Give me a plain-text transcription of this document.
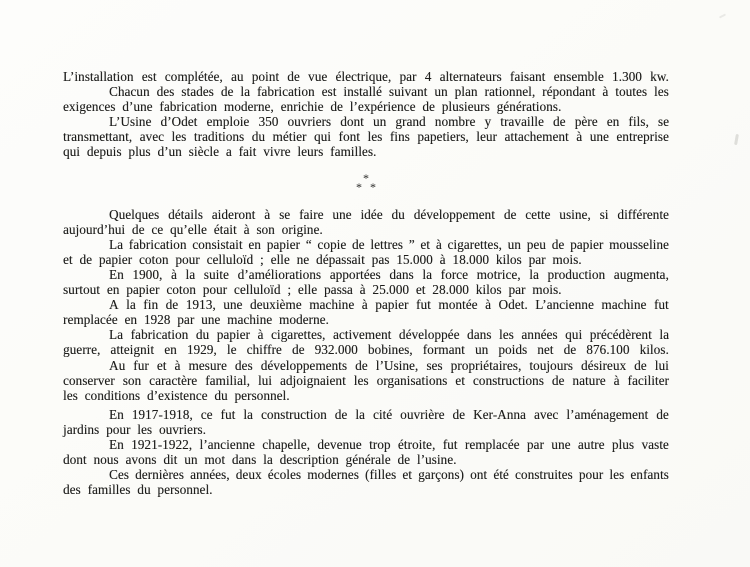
L’installation est complétée, au point de vue électrique, par 4 alternateurs faisant ensemble 1.300 kw.
Chacun des stades de la fabrication est installé suivant un plan rationnel, répondant à toutes les
exigences d’une fabrication moderne, enrichie de l’expérience de plusieurs générations.
L’Usine d’Odet emploie 350 ouvriers dont un grand nombre y travaille de père en fils, se
transmettant, avec les traditions du métier qui font les fins papetiers, leur attachement à une entreprise
qui depuis plus d’un siècle a fait vivre leurs familles.
*
* *
Quelques détails aideront à se faire une idée du développement de cette usine, si différente
aujourd’hui de ce qu’elle était à son origine.
La fabrication consistait en papier “ copie de lettres ” et à cigarettes, un peu de papier mousseline
et de papier coton pour celluloïd ; elle ne dépassait pas 15.000 à 18.000 kilos par mois.
En 1900, à la suite d’améliorations apportées dans la force motrice, la production augmenta,
surtout en papier coton pour celluloïd ; elle passa à 25.000 et 28.000 kilos par mois.
A la fin de 1913, une deuxième machine à papier fut montée à Odet. L’ancienne machine fut
remplacée en 1928 par une machine moderne.
La fabrication du papier à cigarettes, activement développée dans les années qui précédèrent la
guerre, atteignit en 1929, le chiffre de 932.000 bobines, formant un poids net de 876.100 kilos.
Au fur et à mesure des développements de l’Usine, ses propriétaires, toujours désireux de lui
conserver son caractère familial, lui adjoignaient les organisations et constructions de nature à faciliter
les conditions d’existence du personnel.
En 1917-1918, ce fut la construction de la cité ouvrière de Ker-Anna avec l’aménagement de
jardins pour les ouvriers.
En 1921-1922, l’ancienne chapelle, devenue trop étroite, fut remplacée par une autre plus vaste
dont nous avons dit un mot dans la description générale de l’usine.
Ces dernières années, deux écoles modernes (filles et garçons) ont été construites pour les enfants
des familles du personnel.
